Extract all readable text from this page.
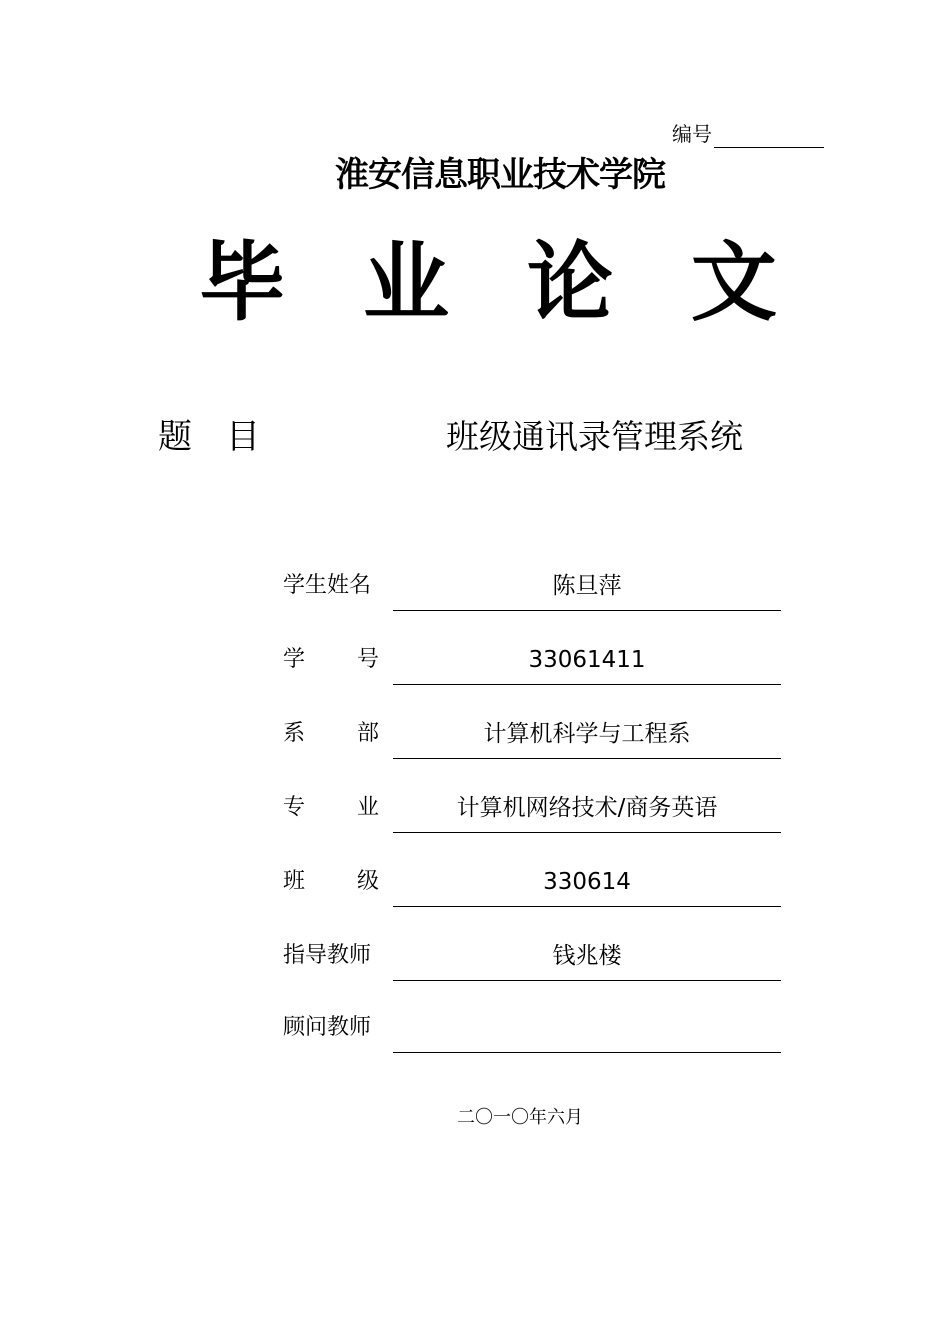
编号
淮安信息职业技术学院
毕 业 论 文
题 目	班级通讯录管理系统
学生姓名	陈旦萍
学 号	33061411
系 部	计算机科学与工程系
专 业	计算机网络技术/商务英语
班 级	330614
指导教师	钱兆楼
顾问教师
二〇一〇年六月
